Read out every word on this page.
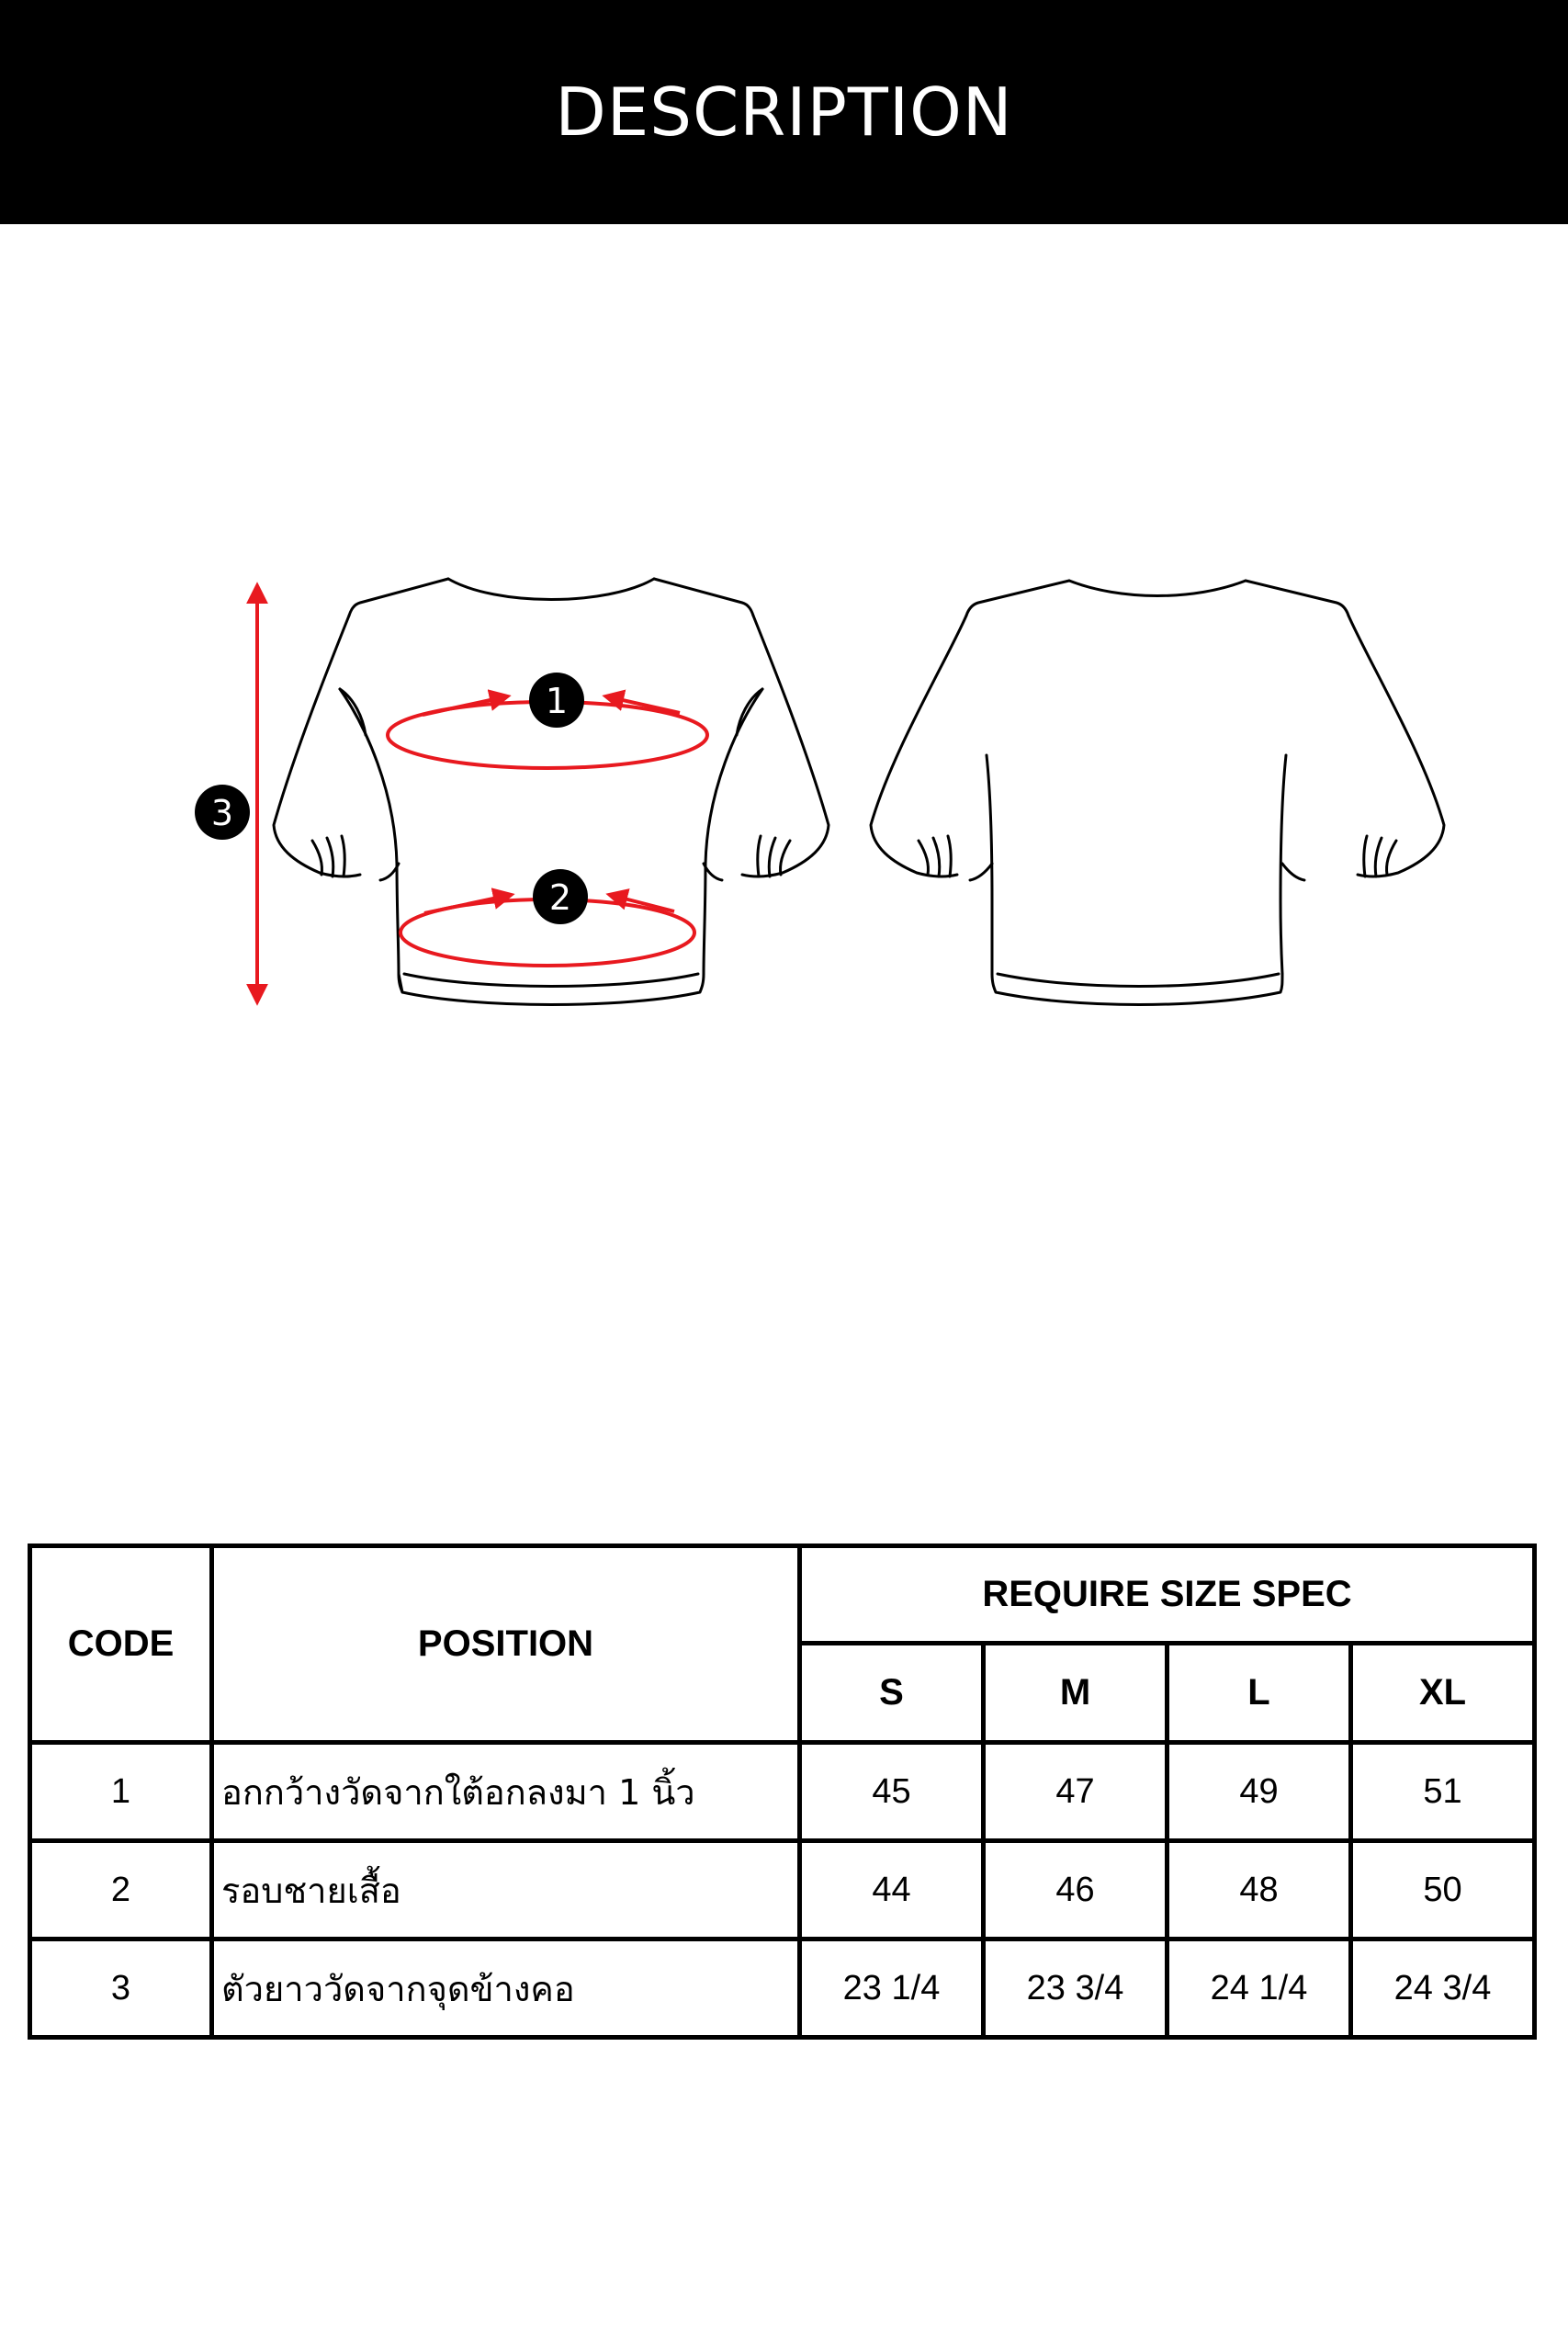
DESCRIPTION
1
2
3
CODE	POSITION	REQUIRE SIZE SPEC			
		S	M	L	XL
1	อกกว้างวัดจากใต้อกลงมา 1 นิ้ว	45	47	49	51
2	รอบชายเสื้อ	44	46	48	50
3	ตัวยาววัดจากจุดข้างคอ	23 1/4	23 3/4	24 1/4	24 3/4
